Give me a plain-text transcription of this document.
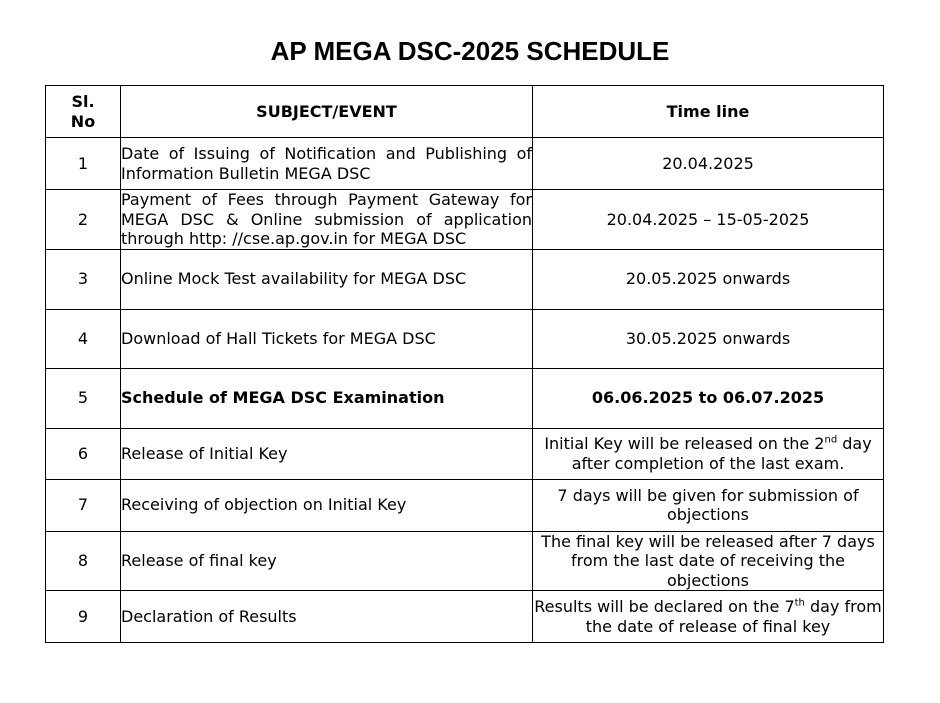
AP MEGA DSC-2025 SCHEDULE
Sl.
No	SUBJECT/EVENT	Time line
1	Date of Issuing of Notification and Publishing of Information Bulletin MEGA DSC	20.04.2025
2	Payment of Fees through Payment Gateway for MEGA DSC & Online submission of application through http: //cse.ap.gov.in for MEGA DSC	20.04.2025 – 15-05-2025
3	Online Mock Test availability for MEGA DSC	20.05.2025 onwards
4	Download of Hall Tickets for MEGA DSC	30.05.2025 onwards
5	Schedule of MEGA DSC Examination	06.06.2025 to 06.07.2025
6	Release of Initial Key	Initial Key will be released on the 2nd day after completion of the last exam.
7	Receiving of objection on Initial Key	7 days will be given for submission of objections
8	Release of final key	The final key will be released after 7 days from the last date of receiving the objections
9	Declaration of Results	Results will be declared on the 7th day from the date of release of final key
